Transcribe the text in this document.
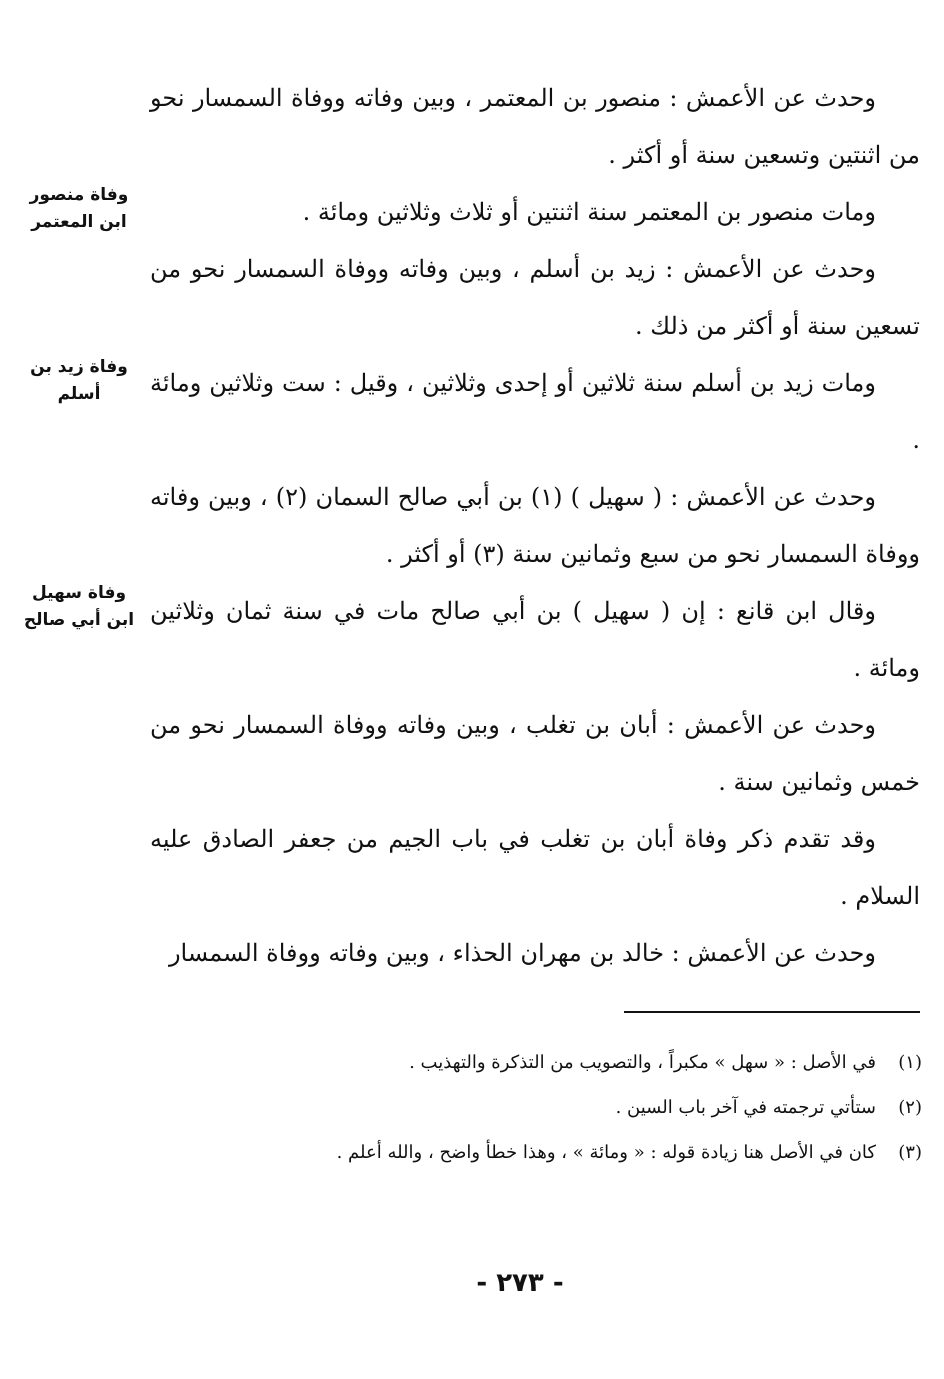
وحدث عن الأعمش : منصور بن المعتمر ، وبين وفاته ووفاة السمسار نحو من اثنتين وتسعين سنة أو أكثر .

ومات منصور بن المعتمر سنة اثنتين أو ثلاث وثلاثين ومائة .

وحدث عن الأعمش : زيد بن أسلم ، وبين وفاته ووفاة السمسار نحو من تسعين سنة أو أكثر من ذلك .

ومات زيد بن أسلم سنة ثلاثين أو إحدى وثلاثين ، وقيل : ست وثلاثين ومائة .

وحدث عن الأعمش : ( سهيل ) (١) بن أبي صالح السمان (٢) ، وبين وفاته ووفاة السمسار نحو من سبع وثمانين سنة (٣) أو أكثر .

وقال ابن قانع : إن ( سهيل ) بن أبي صالح مات في سنة ثمان وثلاثين ومائة .

وحدث عن الأعمش : أبان بن تغلب ، وبين وفاته ووفاة السمسار نحو من خمس وثمانين سنة .

وقد تقدم ذكر وفاة أبان بن تغلب في باب الجيم من جعفر الصادق عليه السلام .

وحدث عن الأعمش : خالد بن مهران الحذاء ، وبين وفاته ووفاة السمسار

وفاة منصور
ابن المعتمر
وفاة زيد بن
أسلم
وفاة سهيل
ابن أبي صالح
(١)
في الأصل : « سهل » مكبراً ، والتصويب من التذكرة والتهذيب .
(٢)
ستأتي ترجمته في آخر باب السين .
(٣)
كان في الأصل هنا زيادة قوله : « ومائة » ، وهذا خطأ واضح ، والله أعلم .
- ٢٧٣ -
